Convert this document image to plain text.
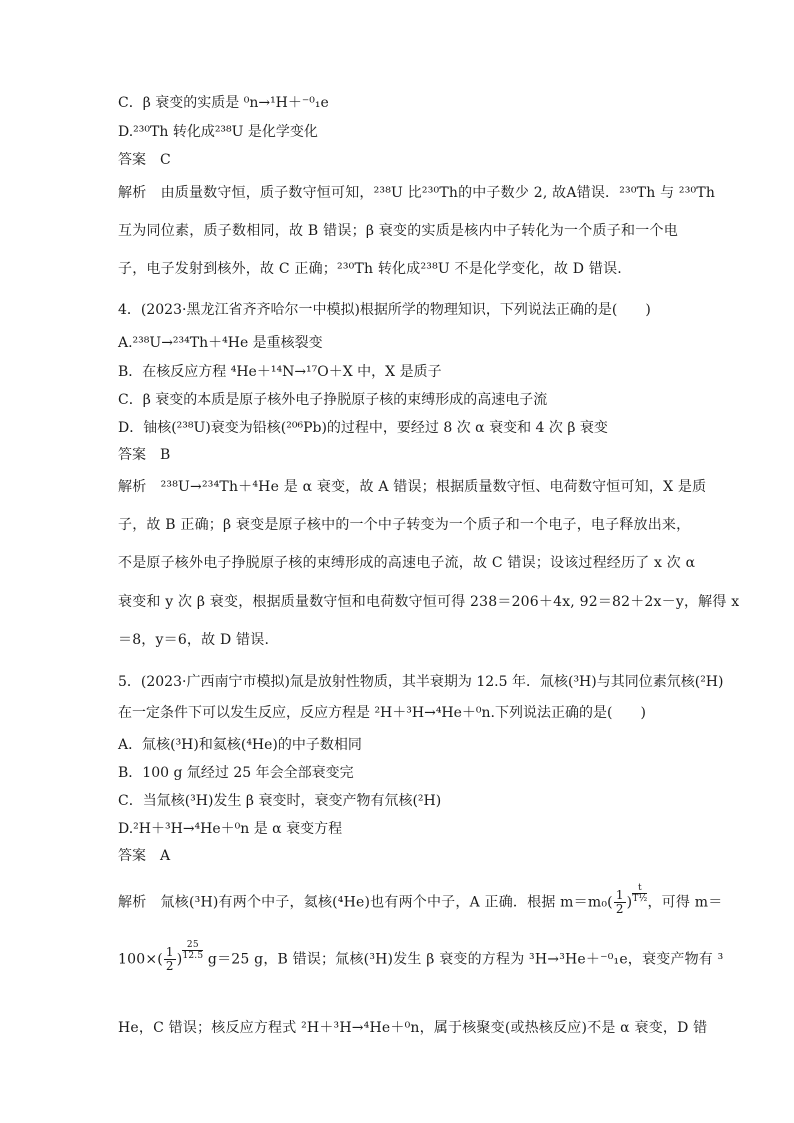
C．β 衰变的实质是 ⁰n→¹H＋⁻⁰₁e
D.²³⁰Th 转化成²³⁸U 是化学变化
答案　C
解析　由质量数守恒，质子数守恒可知，²³⁸U 比²³⁰Th的中子数少 2, 故A错误．²³⁰Th 与 ²³⁰Th
互为同位素，质子数相同，故 B 错误；β 衰变的实质是核内中子转化为一个质子和一个电
子，电子发射到核外，故 C 正确；²³⁰Th 转化成²³⁸U 不是化学变化，故 D 错误.
4．(2023·黑龙江省齐齐哈尔一中模拟)根据所学的物理知识，下列说法正确的是(　　)
A.²³⁸U→²³⁴Th＋⁴He 是重核裂变
B．在核反应方程 ⁴He＋¹⁴N→¹⁷O＋X 中，X 是质子
C．β 衰变的本质是原子核外电子挣脱原子核的束缚形成的高速电子流
D．铀核(²³⁸U)衰变为铅核(²⁰⁶Pb)的过程中，要经过 8 次 α 衰变和 4 次 β 衰变
答案　B
解析　²³⁸U→²³⁴Th＋⁴He 是 α 衰变，故 A 错误；根据质量数守恒、电荷数守恒可知，X 是质
子，故 B 正确；β 衰变是原子核中的一个中子转变为一个质子和一个电子，电子释放出来，
不是原子核外电子挣脱原子核的束缚形成的高速电子流，故 C 错误；设该过程经历了 x 次 α
衰变和 y 次 β 衰变，根据质量数守恒和电荷数守恒可得 238＝206＋4x, 92＝82＋2x－y，解得 x
＝8，y＝6，故 D 错误.
5．(2023·广西南宁市模拟)氚是放射性物质，其半衰期为 12.5 年．氚核(³H)与其同位素氘核(²H)
在一定条件下可以发生反应，反应方程是 ²H＋³H→⁴He＋⁰n.下列说法正确的是(　　)
A．氚核(³H)和氦核(⁴He)的中子数相同
B．100 g 氚经过 25 年会全部衰变完
C．当氚核(³H)发生 β 衰变时，衰变产物有氘核(²H)
D.²H＋³H→⁴He＋⁰n 是 α 衰变方程
答案　A
解析　氚核(³H)有两个中子，氦核(⁴He)也有两个中子，A 正确．根据 $m=m_0( \frac{1}{2}$ ) $\frac{t}{\text{T½}}$ ，可得 m＝
$100\times( \frac{1}{2}$ ) $\frac{25}{12.5} g=25$ g，B 错误；氚核(³H)发生 β 衰变的方程为 ³H→³He＋⁻⁰₁e，衰变产物有 ³
He，C 错误；核反应方程式 ²H＋³H→⁴He＋⁰n，属于核聚变(或热核反应)不是 α 衰变，D 错
